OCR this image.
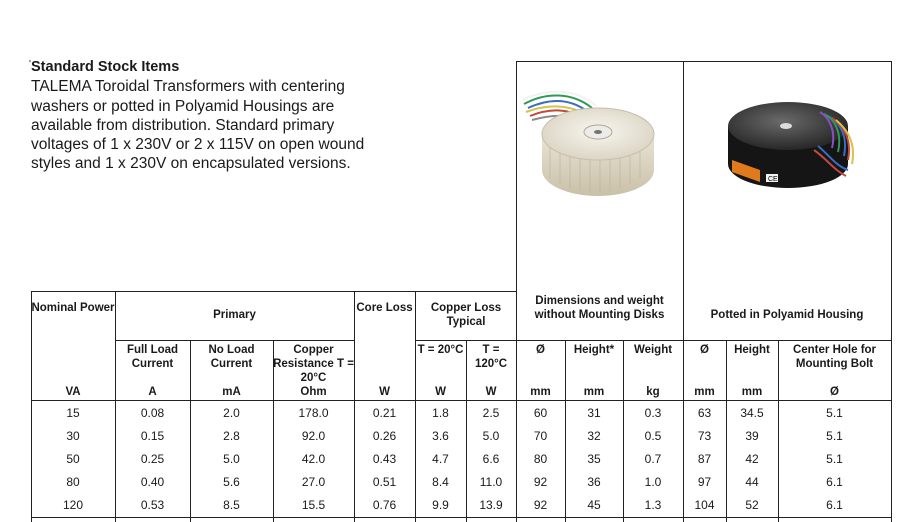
' Standard Stock Items
TALEMA Toroidal Transformers with centering washers or potted in Polyamid Housings are available from distribution. Standard primary voltages of 1 x 230V or 2 x 115V on open wound styles and 1 x 230V on encapsulated versions.
CE
Nominal Power
Primary
Core Loss	Copper Loss Typical
Dimensions and weight without Mounting Disks	Potted in Polyamid Housing
Full Load Current
No Load Current
Copper Resistance T = 20°C
T = 20°C	T = 120°C
Ø	Height*	Weight	Ø	Height	Center Hole for Mounting Bolt
VA	A	mA	Ohm	W	W	W	mm	mm	kg	mm	mm	Ø
15	0.08	2.0	178.0	0.21	1.8	2.5	60	31	0.3	63	34.5	5.1
30	0.15	2.8	92.0	0.26	3.6	5.0	70	32	0.5	73	39	5.1
50	0.25	5.0	42.0	0.43	4.7	6.6	80	35	0.7	87	42	5.1
80	0.40	5.6	27.0	0.51	8.4	11.0	92	36	1.0	97	44	6.1
120	0.53	8.5	15.5	0.76	9.9	13.9	92	45	1.3	104	52	6.1
